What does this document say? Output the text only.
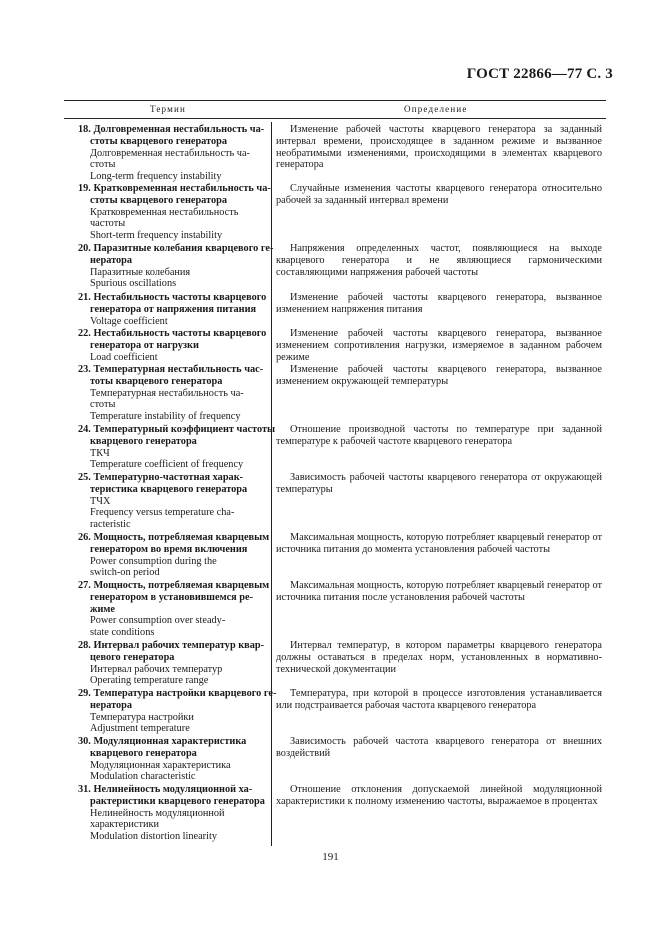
ГОСТ 22866—77 С. 3
Термин	Определение
18. Долговременная нестабильность ча-
стоты кварцевого генератора
Долговременная нестабильность ча-
стоты
Long-term frequency instability
Изменение рабочей частоты кварцевого генератора за заданный интервал времени, происходящее в заданном режиме и вызванное необратимыми изменениями, происходящими в элементах кварцевого генератора
19. Кратковременная нестабильность ча-
стоты кварцевого генератора
Кратковременная нестабильность
частоты
Short-term frequency instability
Случайные изменения частоты кварцевого генератора относительно рабочей за заданный интервал времени
20. Паразитные колебания кварцевого ге-
нератора
Паразитные колебания
Spurious oscillations
Напряжения определенных частот, появляющиеся на выходе кварцевого генератора и не являющиеся гармоническими составляющими напряжения рабочей частоты
21. Нестабильность частоты кварцевого
генератора от напряжения питания
Voltage coefficient
Изменение рабочей частоты кварцевого генератора, вызванное изменением напряжения питания
22. Нестабильность частоты кварцевого
генератора от нагрузки
Load coefficient
Изменение рабочей частоты кварцевого генератора, вызванное изменением сопротивления нагрузки, измеряемое в заданном рабочем режиме
23. Температурная нестабильность час-
тоты кварцевого генератора
Температурная нестабильность ча-
стоты
Temperature instability of frequency
Изменение рабочей частоты кварцевого генератора, вызванное изменением окружающей температуры
24. Температурный коэффициент частоты
кварцевого генератора
ТКЧ
Temperature coefficient of frequency
Отношение производной частоты по температуре при заданной температуре к рабочей частоте кварцевого генератора
25. Температурно-частотная харак-
теристика кварцевого генератора
ТЧХ
Frequency versus temperature cha-
racteristic
Зависимость рабочей частоты кварцевого генератора от окружающей температуры
26. Мощность, потребляемая кварцевым
генератором во время включения
Power consumption during the
switch-on period
Максимальная мощность, которую потребляет кварцевый генератор от источника питания до момента установления рабочей частоты
27. Мощность, потребляемая кварцевым
генератором в установившемся ре-
жиме
Power consumption over steady-
state conditions
Максимальная мощность, которую потребляет кварцевый генератор от источника питания после установления рабочей частоты
28. Интервал рабочих температур квар-
цевого генератора
Интервал рабочих температур
Operating temperature range
Интервал температур, в котором параметры кварцевого генератора должны оставаться в пределах норм, установленных в нормативно-технической документации
29. Температура настройки кварцевого ге-
нератора
Температура настройки
Adjustment temperature
Температура, при которой в процессе изготовления устанавливается или подстраивается рабочая частота кварцевого генератора
30. Модуляционная характеристика
кварцевого генератора
Модуляционная характеристика
Modulation characteristic
Зависимость рабочей частота кварцевого генератора от внешних воздействий
31. Нелинейность модуляционной ха-
рактеристики кварцевого генератора
Нелинейность модуляционной
характеристики
Modulation distortion linearity
Отношение отклонения допускаемой линейной модуляционной характеристики к полному изменению частоты, выражаемое в процентах
191
